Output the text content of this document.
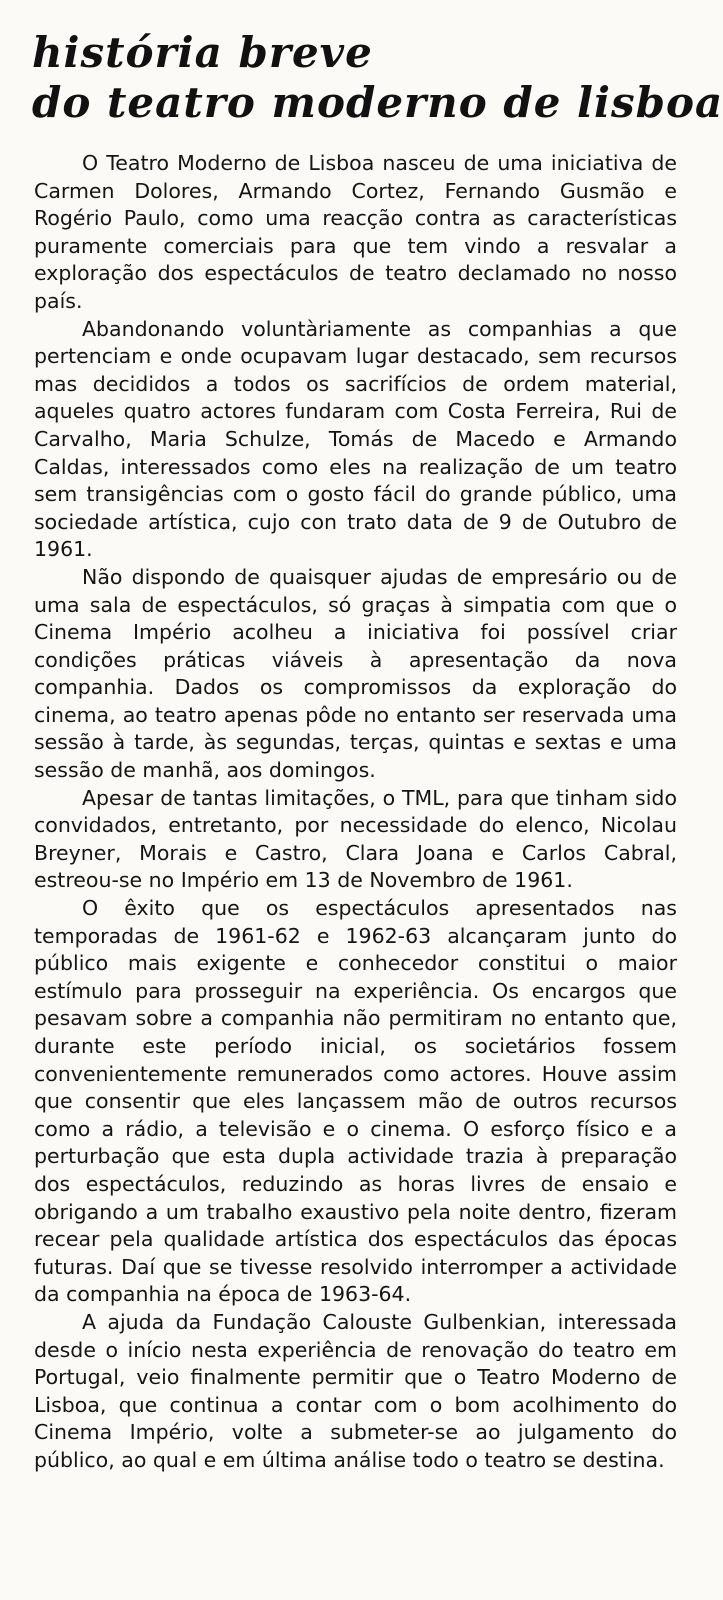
história breve
do teatro moderno de lisboa

O Teatro Moderno de Lisboa nasceu de uma iniciativa de Carmen Dolores, Armando Cortez, Fernando Gusmão e Rogério Paulo, como uma reacção contra as características puramente comerciais para que tem vindo a resvalar a exploração dos espectáculos de teatro declamado no nosso país.

Abandonando voluntàriamente as companhias a que pertenciam e onde ocupavam lugar destacado, sem recursos mas decididos a todos os sacrifícios de ordem material, aqueles quatro actores fundaram com Costa Ferreira, Rui de Carvalho, Maria Schulze, Tomás de Macedo e Armando Caldas, interessados como eles na realização de um teatro sem transigências com o gosto fácil do grande público, uma sociedade artística, cujo con trato data de 9 de Outubro de 1961.

Não dispondo de quaisquer ajudas de empresário ou de uma sala de espectáculos, só graças à simpatia com que o Cinema Império acolheu a iniciativa foi possível criar condições práticas viáveis à apresentação da nova companhia. Dados os compromissos da exploração do cinema, ao teatro apenas pôde no entanto ser reservada uma sessão à tarde, às segundas, terças, quintas e sextas e uma sessão de manhã, aos domingos.

Apesar de tantas limitações, o TML, para que tinham sido convidados, entretanto, por necessidade do elenco, Nicolau Breyner, Morais e Castro, Clara Joana e Carlos Cabral, estreou-se no Império em 13 de Novembro de 1961.

O êxito que os espectáculos apresentados nas temporadas de 1961-62 e 1962-63 alcançaram junto do público mais exigente e conhecedor constitui o maior estímulo para prosseguir na experiência. Os encargos que pesavam sobre a companhia não permitiram no entanto que, durante este período inicial, os societários fossem convenientemente remunerados como actores. Houve assim que consentir que eles lançassem mão de outros recursos como a rádio, a televisão e o cinema. O esforço físico e a perturbação que esta dupla actividade trazia à preparação dos espectáculos, reduzindo as horas livres de ensaio e obrigando a um trabalho exaustivo pela noite dentro, fizeram recear pela qualidade artística dos espectáculos das épocas futuras. Daí que se tivesse resolvido interromper a actividade da companhia na época de 1963-64.

A ajuda da Fundação Calouste Gulbenkian, interessada desde o início nesta experiência de renovação do teatro em Portugal, veio finalmente permitir que o Teatro Moderno de Lisboa, que continua a contar com o bom acolhimento do Cinema Império, volte a submeter-se ao julgamento do público, ao qual e em última análise todo o teatro se destina.
